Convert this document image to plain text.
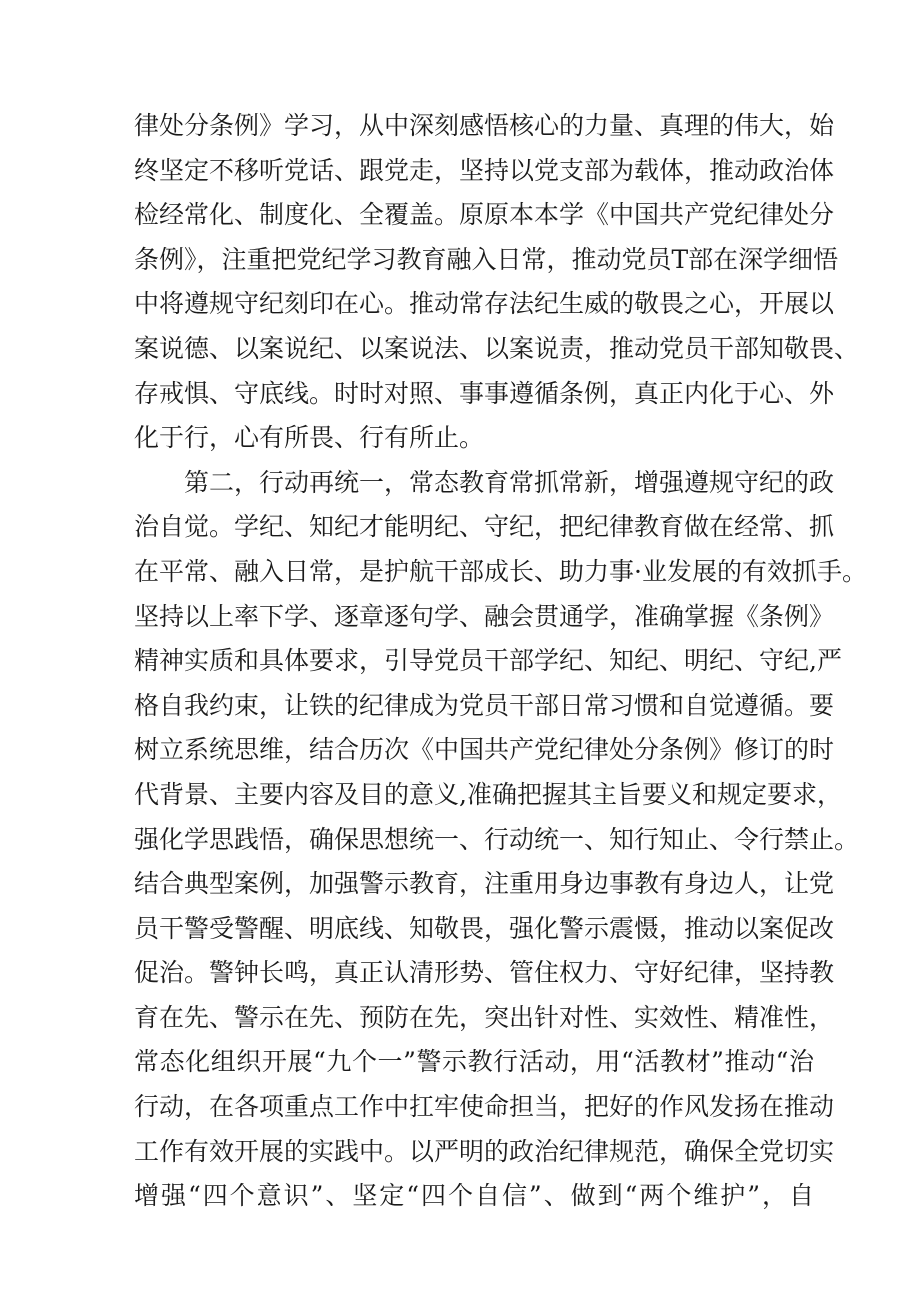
律处分条例》学习，从中深刻感悟核心的力量、真理的伟大，始
终坚定不移听党话、跟党走，坚持以党支部为载体，推动政治体
检经常化、制度化、全覆盖。原原本本学《中国共产党纪律处分
条例》，注重把党纪学习教育融入日常，推动党员T部在深学细悟
中将遵规守纪刻印在心。推动常存法纪生威的敬畏之心，开展以
案说德、以案说纪、以案说法、以案说责，推动党员干部知敬畏、
存戒惧、守底线。时时对照、事事遵循条例，真正内化于心、外
化于行，心有所畏、行有所止。
第二，行动再统一，常态教育常抓常新，增强遵规守纪的政
治自觉。学纪、知纪才能明纪、守纪，把纪律教育做在经常、抓
在平常、融入日常，是护航干部成长、助力事·业发展的有效抓手。
坚持以上率下学、逐章逐句学、融会贯通学，准确掌握《条例》
精神实质和具体要求，引导党员干部学纪、知纪、明纪、守纪,严
格自我约束，让铁的纪律成为党员干部日常习惯和自觉遵循。要
树立系统思维，结合历次《中国共产党纪律处分条例》修订的时
代背景、主要内容及目的意义,准确把握其主旨要义和规定要求，
强化学思践悟，确保思想统一、行动统一、知行知止、令行禁止。
结合典型案例，加强警示教育，注重用身边事教有身边人，让党
员干警受警醒、明底线、知敬畏，强化警示震慑，推动以案促改
促治。警钟长鸣，真正认清形势、管住权力、守好纪律，坚持教
育在先、警示在先、预防在先，突出针对性、实效性、精准性，
常态化组织开展“九个一”警示教行活动，用“活教材”推动“治
行动，在各项重点工作中扛牢使命担当，把好的作风发扬在推动
工作有效开展的实践中。以严明的政治纪律规范，确保全党切实
增强“四个意识”、坚定“四个自信”、做到“两个维护”，自
